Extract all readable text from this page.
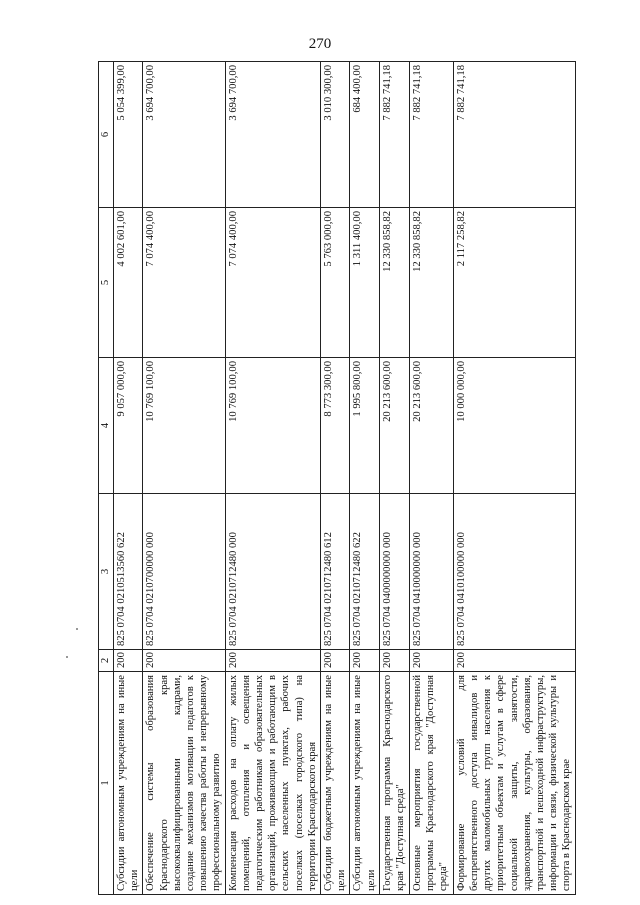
270
1	2	3	4	5	6
Субсидии автономным учреждениям на иные цели	200	825 0704 0210513560 622	9 057 000,00	4 002 601,00	5 054 399,00
Обеспечение системы образования Краснодарского края высококвалифицированными кадрами, создание механизмов мотивации педагогов к повышению качества работы и непрерывному профессиональному развитию	200	825 0704 0210700000 000	10 769 100,00	7 074 400,00	3 694 700,00
Компенсация расходов на оплату жилых помещений, отопления и освещения педагогическим работникам образовательных организаций, проживающим и работающим в сельских населенных пунктах, рабочих поселках (поселках городского типа) на территории Краснодарского края	200	825 0704 0210712480 000	10 769 100,00	7 074 400,00	3 694 700,00
Субсидии бюджетным учреждениям на иные цели	200	825 0704 0210712480 612	8 773 300,00	5 763 000,00	3 010 300,00
Субсидии автономным учреждениям на иные цели	200	825 0704 0210712480 622	1 995 800,00	1 311 400,00	684 400,00
Государственная программа Краснодарского края "Доступная среда"	200	825 0704 0400000000 000	20 213 600,00	12 330 858,82	7 882 741,18
Основные мероприятия государственной программы Краснодарского края "Доступная среда"	200	825 0704 0410000000 000	20 213 600,00	12 330 858,82	7 882 741,18
Формирование условий для беспрепятственного доступа инвалидов и других маломобильных групп населения к приоритетным объектам и услугам в сфере социальной защиты, занятости, здравоохранения, культуры, образования, транспортной и пешеходной инфраструктуры, информации и связи, физической культуры и спорта в Краснодарском крае	200	825 0704 0410100000 000	10 000 000,00	2 117 258,82	7 882 741,18
